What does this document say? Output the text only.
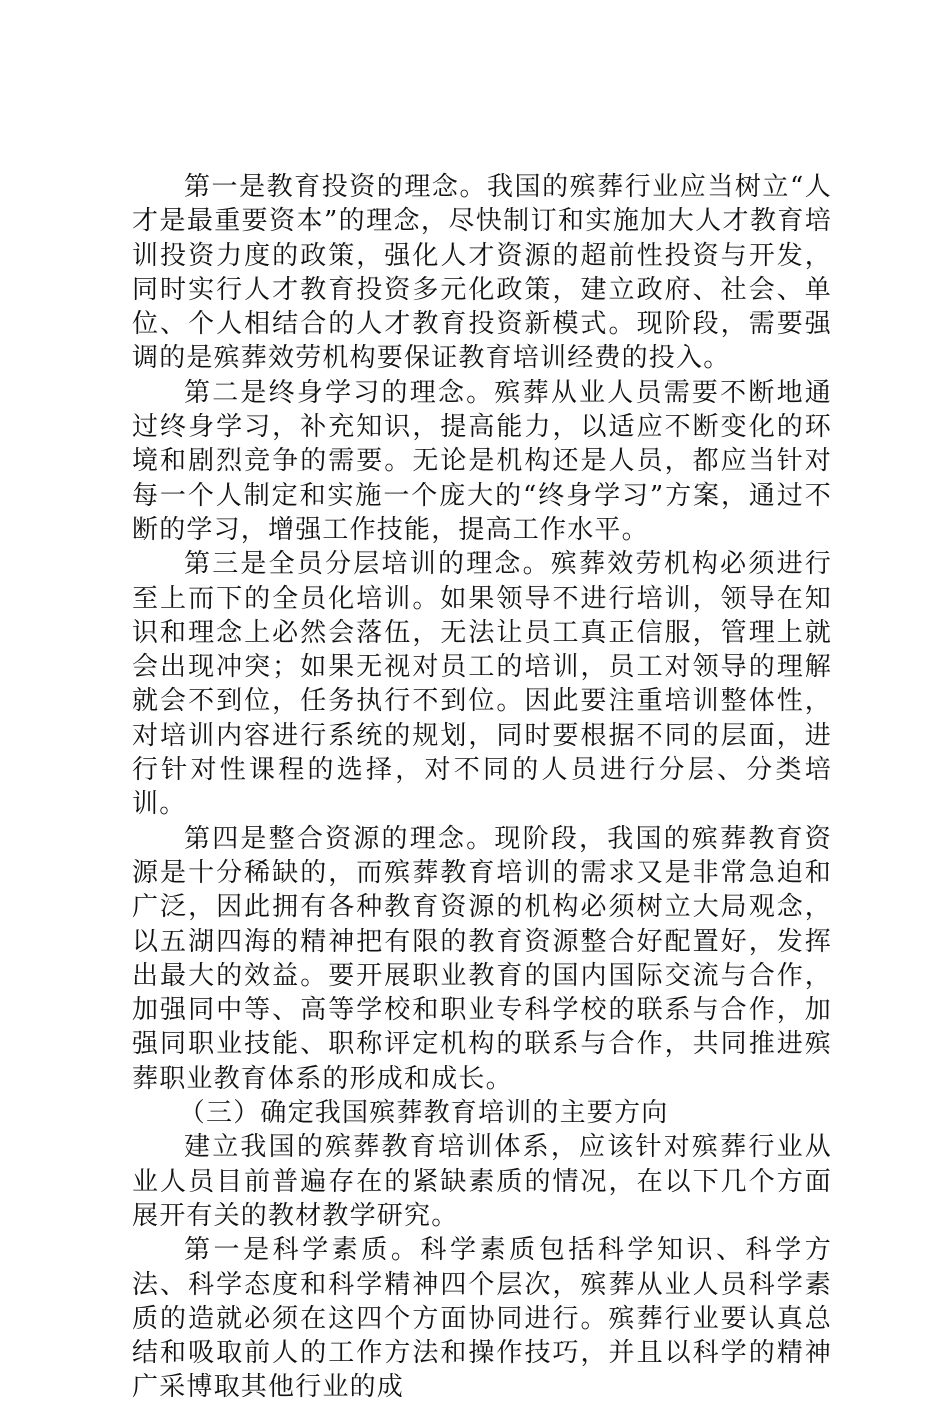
第一是教育投资的理念。我国的殡葬行业应当树立“人才是最重要资本”的理念，尽快制订和实施加大人才教育培训投资力度的政策，强化人才资源的超前性投资与开发，同时实行人才教育投资多元化政策，建立政府、社会、单位、个人相结合的人才教育投资新模式。现阶段，需要强调的是殡葬效劳机构要保证教育培训经费的投入。

第二是终身学习的理念。殡葬从业人员需要不断地通过终身学习，补充知识，提高能力，以适应不断变化的环境和剧烈竞争的需要。无论是机构还是人员，都应当针对每一个人制定和实施一个庞大的“终身学习”方案，通过不断的学习，增强工作技能，提高工作水平。

第三是全员分层培训的理念。殡葬效劳机构必须进行至上而下的全员化培训。如果领导不进行培训，领导在知识和理念上必然会落伍，无法让员工真正信服，管理上就会出现冲突；如果无视对员工的培训，员工对领导的理解就会不到位，任务执行不到位。因此要注重培训整体性，对培训内容进行系统的规划，同时要根据不同的层面，进行针对性课程的选择，对不同的人员进行分层、分类培训。

第四是整合资源的理念。现阶段，我国的殡葬教育资源是十分稀缺的，而殡葬教育培训的需求又是非常急迫和广泛，因此拥有各种教育资源的机构必须树立大局观念，以五湖四海的精神把有限的教育资源整合好配置好，发挥出最大的效益。要开展职业教育的国内国际交流与合作，加强同中等、高等学校和职业专科学校的联系与合作，加强同职业技能、职称评定机构的联系与合作，共同推进殡葬职业教育体系的形成和成长。

（三）确定我国殡葬教育培训的主要方向

建立我国的殡葬教育培训体系，应该针对殡葬行业从业人员目前普遍存在的紧缺素质的情况，在以下几个方面展开有关的教材教学研究。

第一是科学素质。科学素质包括科学知识、科学方法、科学态度和科学精神四个层次，殡葬从业人员科学素质的造就必须在这四个方面协同进行。殡葬行业要认真总结和吸取前人的工作方法和操作技巧，并且以科学的精神广采博取其他行业的成
